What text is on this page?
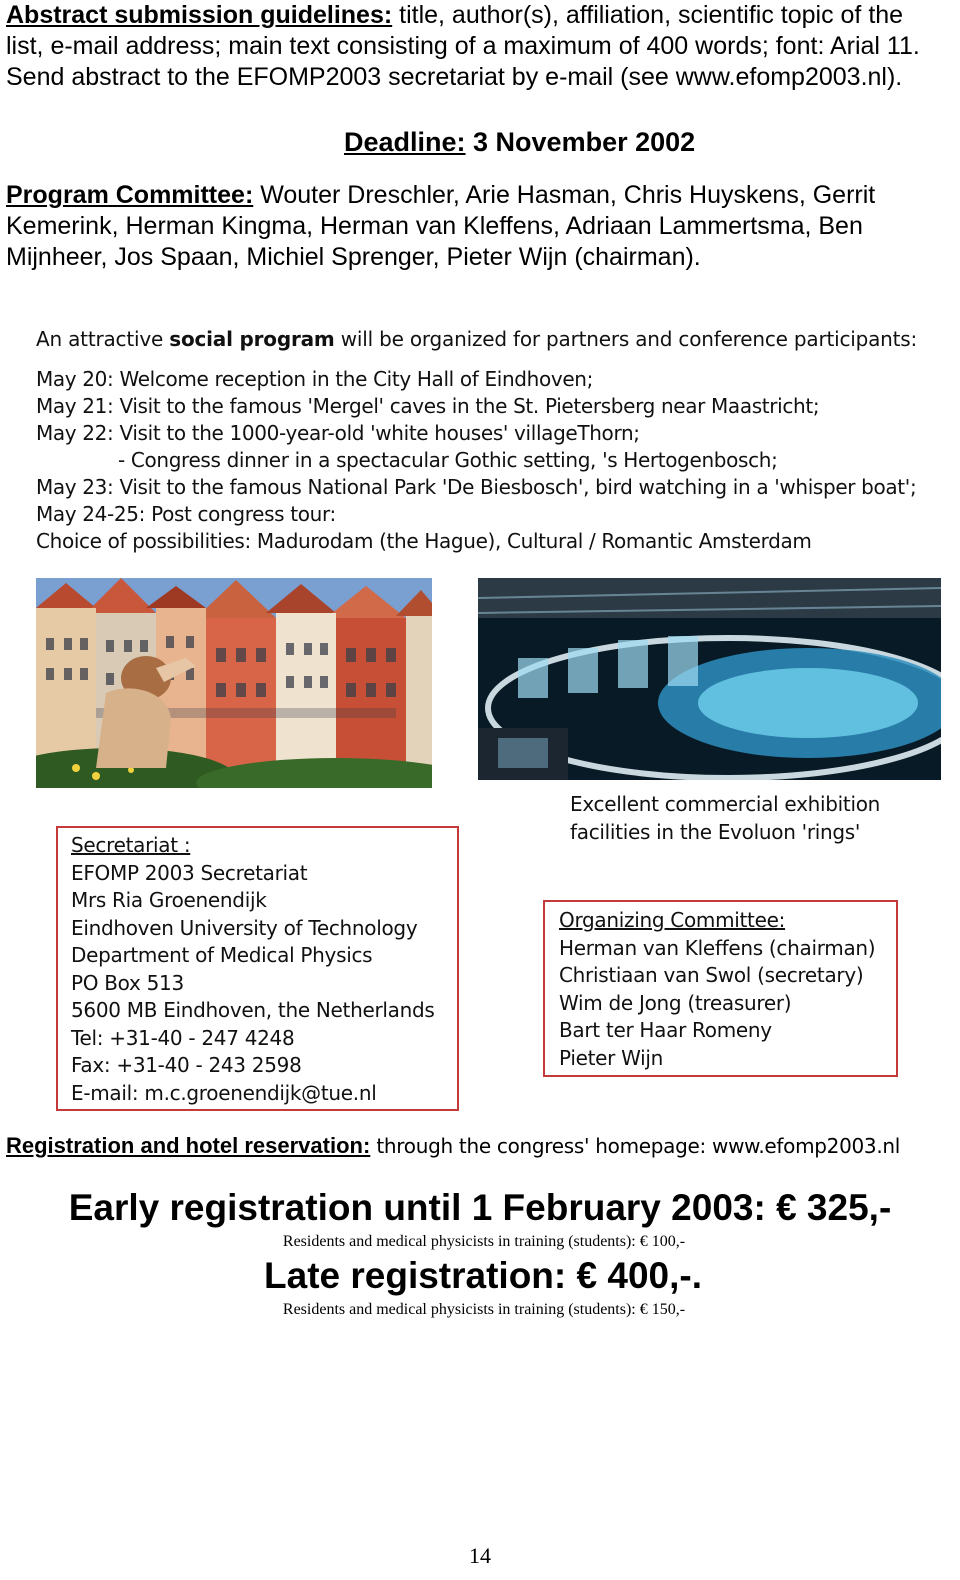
Abstract submission guidelines: title, author(s), affiliation, scientific topic of the list, e-mail address; main text consisting of a maximum of 400 words; font: Arial 11. Send abstract to the EFOMP2003 secretariat by e-mail (see www.efomp2003.nl).
Deadline: 3 November 2002
Program Committee: Wouter Dreschler, Arie Hasman, Chris Huyskens, Gerrit Kemerink, Herman Kingma, Herman van Kleffens, Adriaan Lammertsma, Ben Mijnheer, Jos Spaan, Michiel Sprenger, Pieter Wijn (chairman).
An attractive social program will be organized for partners and conference participants:
May 20: Welcome reception in the City Hall of Eindhoven;
May 21: Visit to the famous 'Mergel' caves in the St. Pietersberg near Maastricht;
May 22: Visit to the 1000-year-old 'white houses' villageThorn;
- Congress dinner in a spectacular Gothic setting, 's Hertogenbosch;
May 23: Visit to the famous National Park 'De Biesbosch', bird watching in a 'whisper boat';
May 24-25: Post congress tour:
Choice of possibilities: Madurodam (the Hague), Cultural / Romantic Amsterdam
Excellent commercial exhibition
facilities in the Evoluon 'rings'
Secretariat :
EFOMP 2003 Secretariat
Mrs Ria Groenendijk
Eindhoven University of Technology
Department of Medical Physics
PO Box 513
5600 MB Eindhoven, the Netherlands
Tel: +31-40 - 247 4248
Fax: +31-40 - 243 2598
E-mail: m.c.groenendijk@tue.nl
Organizing Committee:
Herman van Kleffens (chairman)
Christiaan van Swol (secretary)
Wim de Jong (treasurer)
Bart ter Haar Romeny
Pieter Wijn
Registration and hotel reservation: through the congress' homepage: www.efomp2003.nl
Early registration until 1 February 2003: € 325,-
Residents and medical physicists in training (students): € 100,-
Late registration: € 400,-.
Residents and medical physicists in training (students): € 150,-
14
